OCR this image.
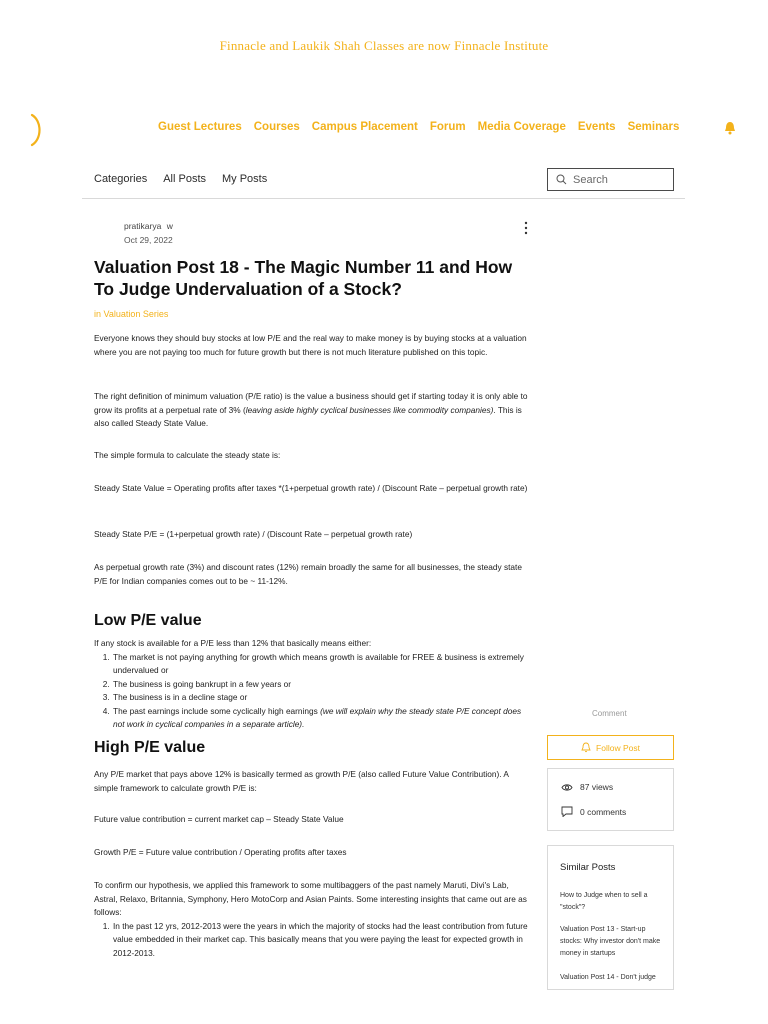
Finnacle and Laukik Shah Classes are now Finnacle Institute
Guest Lectures Courses Campus Placement Forum Media Coverage Events Seminars
Categories All Posts My Posts
Search
pratikarya w
Oct 29, 2022
Valuation Post 18 - The Magic Number 11 and How To Judge Undervaluation of a Stock?
in Valuation Series

Everyone knows they should buy stocks at low P/E and the real way to make money is by buying stocks at a valuation where you are not paying too much for future growth but there is not much literature published on this topic.

The right definition of minimum valuation (P/E ratio) is the value a business should get if starting today it is only able to grow its profits at a perpetual rate of 3% (leaving aside highly cyclical businesses like commodity companies). This is also called Steady State Value.

The simple formula to calculate the steady state is:

Steady State Value = Operating profits after taxes *(1+perpetual growth rate) / (Discount Rate – perpetual growth rate)

Steady State P/E = (1+perpetual growth rate) / (Discount Rate – perpetual growth rate)

As perpetual growth rate (3%) and discount rates (12%) remain broadly the same for all businesses, the steady state P/E for Indian companies comes out to be ~ 11-12%.

Low P/E value

If any stock is available for a P/E less than 12% that basically means either:

1. The market is not paying anything for growth which means growth is available for FREE & business is extremely undervalued or
2. The business is going bankrupt in a few years or
3. The business is in a decline stage or
4. The past earnings include some cyclically high earnings (we will explain why the steady state P/E concept does not work in cyclical companies in a separate article).
High P/E value

Any P/E market that pays above 12% is basically termed as growth P/E (also called Future Value Contribution). A simple framework to calculate growth P/E is:

Future value contribution = current market cap – Steady State Value

Growth P/E = Future value contribution / Operating profits after taxes

To confirm our hypothesis, we applied this framework to some multibaggers of the past namely Maruti, Divi's Lab, Astral, Relaxo, Britannia, Symphony, Hero MotoCorp and Asian Paints. Some interesting insights that came out are as follows:

1. In the past 12 yrs, 2012-2013 were the years in which the majority of stocks had the least contribution from future value embedded in their market cap. This basically means that you were paying the least for expected growth in 2012-2013.
Comment
Follow Post
87 views
0 comments
Similar Posts
How to Judge when to sell a "stock"?
Valuation Post 13 - Start-up stocks: Why investor don't make money in startups
Valuation Post 14 - Don't judge
